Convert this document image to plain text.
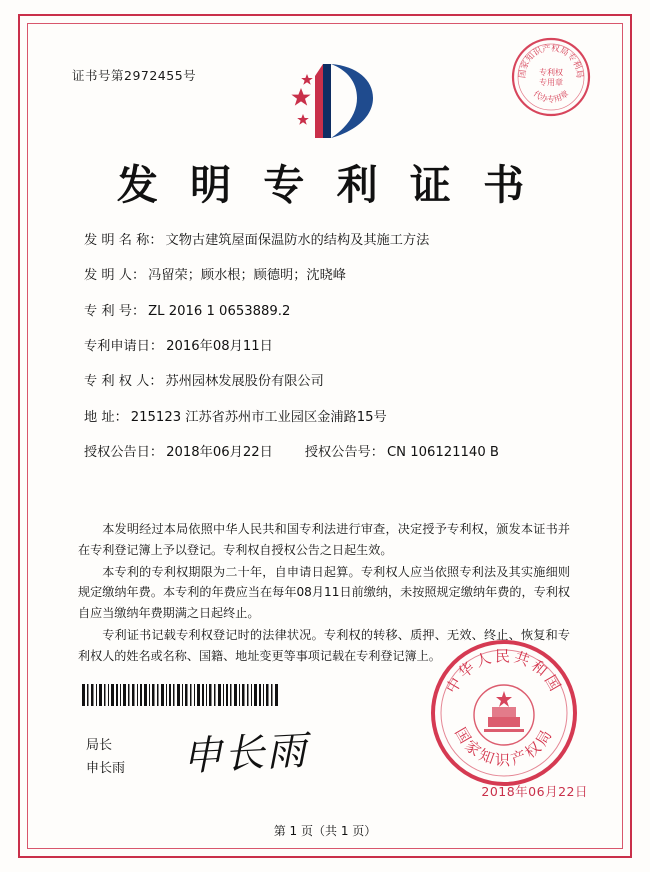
证书号第2972455号	国家知识产权局专利局
代办专用章
专利权
专用章
发 明 专 利 证 书
发 明 名 称： 文物古建筑屋面保温防水的结构及其施工方法
发 明 人： 冯留荣；顾水根；顾德明；沈晓峰
专 利 号： ZL 2016 1 0653889.2
专利申请日： 2016年08月11日
专 利 权 人： 苏州园林发展股份有限公司
地 址： 215123 江苏省苏州市工业园区金浦路15号
授权公告日： 2018年06月22日 授权公告号： CN 106121140 B

本发明经过本局依照中华人民共和国专利法进行审查，决定授予专利权，颁发本证书并在专利登记簿上予以登记。专利权自授权公告之日起生效。

本专利的专利权期限为二十年，自申请日起算。专利权人应当依照专利法及其实施细则规定缴纳年费。本专利的年费应当在每年08月11日前缴纳，未按照规定缴纳年费的，专利权自应当缴纳年费期满之日起终止。

专利证书记载专利权登记时的法律状况。专利权的转移、质押、无效、终止、恢复和专利权人的姓名或名称、国籍、地址变更等事项记载在专利登记簿上。

局长
申长雨 申长雨
中华人民共和国
国家知识产权局
2018年06月22日
第 1 页（共 1 页）
